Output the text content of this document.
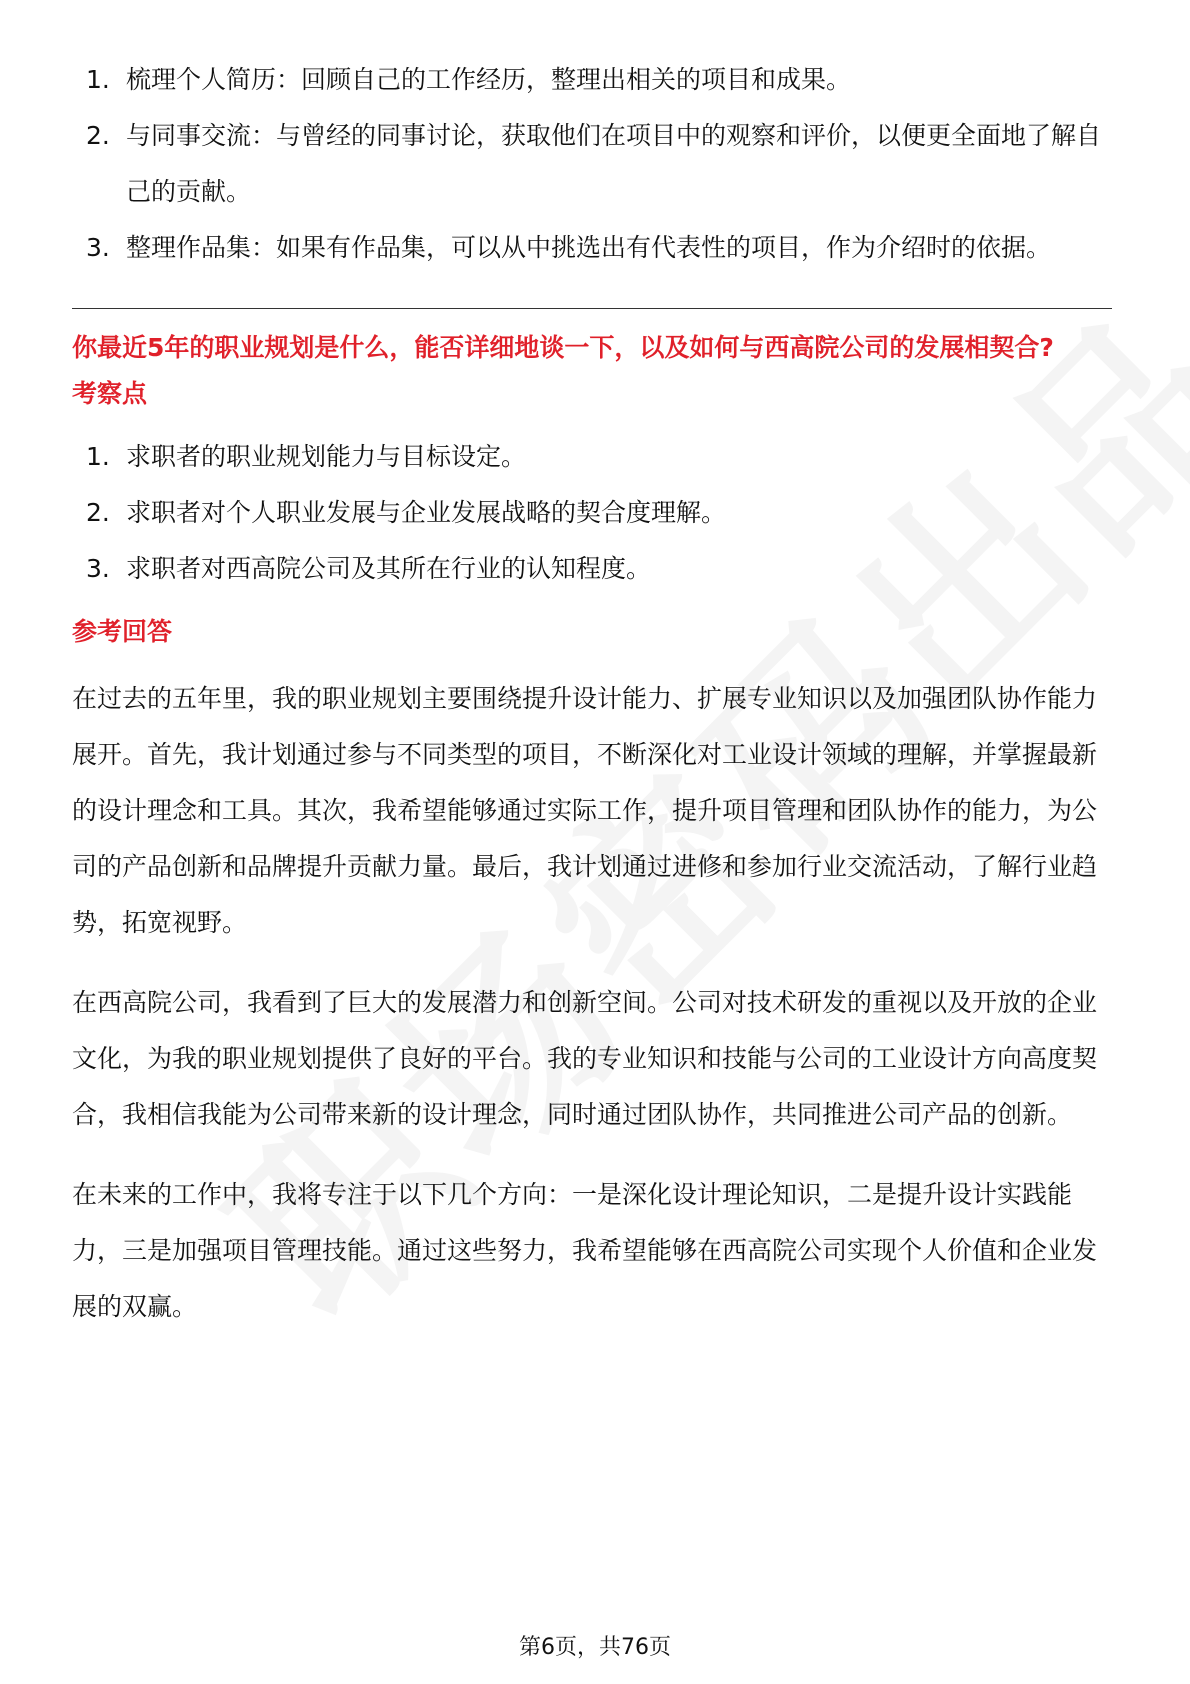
1. 梳理个人简历：回顾自己的工作经历，整理出相关的项目和成果。
2. 与同事交流：与曾经的同事讨论，获取他们在项目中的观察和评价，以便更全面地了解自己的贡献。
3. 整理作品集：如果有作品集，可以从中挑选出有代表性的项目，作为介绍时的依据。
你最近5年的职业规划是什么，能否详细地谈一下，以及如何与西高院公司的发展相契合?
考察点
1. 求职者的职业规划能力与目标设定。
2. 求职者对个人职业发展与企业发展战略的契合度理解。
3. 求职者对西高院公司及其所在行业的认知程度。
参考回答

在过去的五年里，我的职业规划主要围绕提升设计能力、扩展专业知识以及加强团队协作能力展开。首先，我计划通过参与不同类型的项目，不断深化对工业设计领域的理解，并掌握最新的设计理念和工具。其次，我希望能够通过实际工作，提升项目管理和团队协作的能力，为公司的产品创新和品牌提升贡献力量。最后，我计划通过进修和参加行业交流活动，了解行业趋势，拓宽视野。

在西高院公司，我看到了巨大的发展潜力和创新空间。公司对技术研发的重视以及开放的企业文化，为我的职业规划提供了良好的平台。我的专业知识和技能与公司的工业设计方向高度契合，我相信我能为公司带来新的设计理念，同时通过团队协作，共同推进公司产品的创新。

在未来的工作中，我将专注于以下几个方向：一是深化设计理论知识，二是提升设计实践能力，三是加强项目管理技能。通过这些努力，我希望能够在西高院公司实现个人价值和企业发展的双赢。

第6页，共76页
